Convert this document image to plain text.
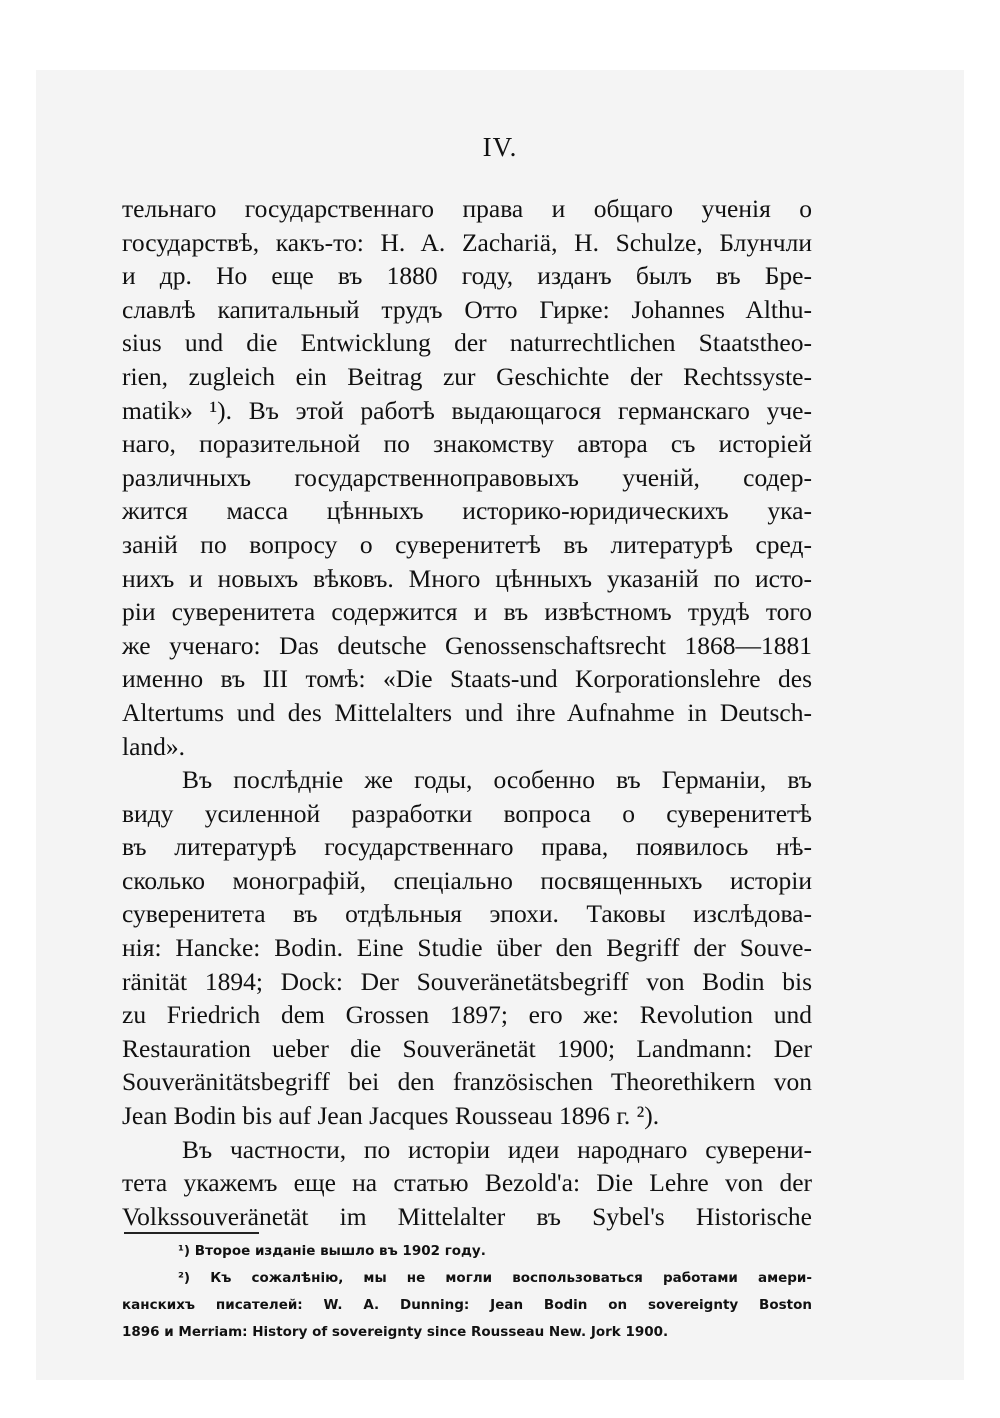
IV.
тельнаго государственнаго права и общаго ученія о
государствѣ, какъ-то: H. A. Zachariä, H. Schulze, Блунчли
и др. Но еще въ 1880 году, изданъ былъ въ Бре-
славлѣ капитальный трудъ Отто Гирке: Johannes Althu-
sius und die Entwicklung der naturrechtlichen Staatstheo-
rien, zugleich ein Beitrag zur Geschichte der Rechtssyste-
matik» ¹). Въ этой работѣ выдающагося германскаго уче-
наго, поразительной по знакомству автора съ исторіей
различныхъ государственноправовыхъ ученій, содер-
жится масса цѣнныхъ историко-юридическихъ ука-
заній по вопросу о суверенитетѣ въ литературѣ сред-
нихъ и новыхъ вѣковъ. Много цѣнныхъ указаній по исто-
ріи суверенитета содержится и въ извѣстномъ трудѣ того
же ученаго: Das deutsche Genossenschaftsrecht 1868—1881
именно въ III томѣ: «Die Staats-und Korporationslehre des
Altertums und des Mittelalters und ihre Aufnahme in Deutsch-
land».
Въ послѣдніе же годы, особенно въ Германіи, въ
виду усиленной разработки вопроса о суверенитетѣ
въ литературѣ государственнаго права, появилось нѣ-
сколько монографій, спеціально посвященныхъ исторіи
суверенитета въ отдѣльныя эпохи. Таковы изслѣдова-
нія: Hancke: Bodin. Eine Studie über den Begriff der Souve-
ränität 1894; Dock: Der Souveränetätsbegriff von Bodin bis
zu Friedrich dem Grossen 1897; его же: Revolution und
Restauration ueber die Souveränetät 1900; Landmann: Der
Souveränitätsbegriff bei den französischen Theorethikern von
Jean Bodin bis auf Jean Jacques Rousseau 1896 г. ²).
Въ частности, по исторіи идеи народнаго суверени-
тета укажемъ еще на статью Bezold'a: Die Lehre von der
Volkssouveränetät im Mittelalter въ Sybel's Historische
¹) Второе изданіе вышло въ 1902 году.
²) Къ сожалѣнію, мы не могли воспользоваться работами амери-
канскихъ писателей: W. A. Dunning: Jean Bodin on sovereignty Boston
1896 и Merriam: History of sovereignty since Rousseau New. Jork 1900.
